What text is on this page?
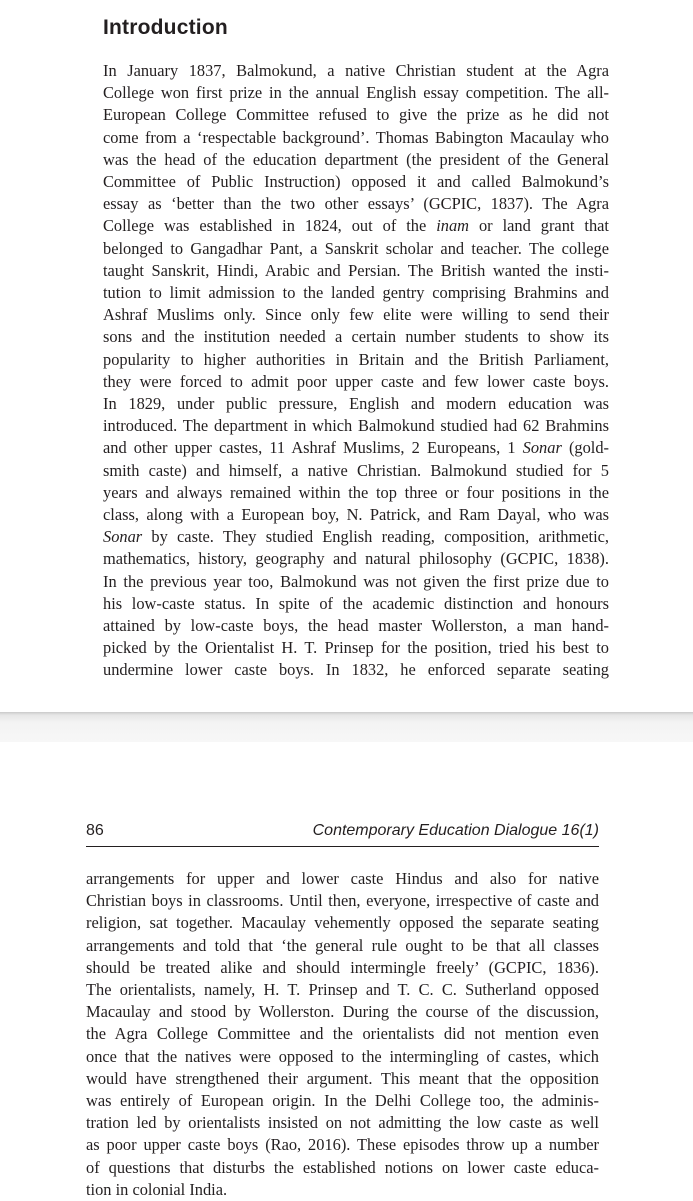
Introduction
In January 1837, Balmokund, a native Christian student at the Agra
College won first prize in the annual English essay competition. The all-
European College Committee refused to give the prize as he did not
come from a ‘respectable background’. Thomas Babington Macaulay who
was the head of the education department (the president of the General
Committee of Public Instruction) opposed it and called Balmokund’s
essay as ‘better than the two other essays’ (GCPIC, 1837). The Agra
College was established in 1824, out of the inam or land grant that
belonged to Gangadhar Pant, a Sanskrit scholar and teacher. The college
taught Sanskrit, Hindi, Arabic and Persian. The British wanted the insti-
tution to limit admission to the landed gentry comprising Brahmins and
Ashraf Muslims only. Since only few elite were willing to send their
sons and the institution needed a certain number students to show its
popularity to higher authorities in Britain and the British Parliament,
they were forced to admit poor upper caste and few lower caste boys.
In 1829, under public pressure, English and modern education was
introduced. The department in which Balmokund studied had 62 Brahmins
and other upper castes, 11 Ashraf Muslims, 2 Europeans, 1 Sonar (gold-
smith caste) and himself, a native Christian. Balmokund studied for 5
years and always remained within the top three or four positions in the
class, along with a European boy, N. Patrick, and Ram Dayal, who was
Sonar by caste. They studied English reading, composition, arithmetic,
mathematics, history, geography and natural philosophy (GCPIC, 1838).
In the previous year too, Balmokund was not given the first prize due to
his low-caste status. In spite of the academic distinction and honours
attained by low-caste boys, the head master Wollerston, a man hand-
picked by the Orientalist H. T. Prinsep for the position, tried his best to
undermine lower caste boys. In 1832, he enforced separate seating
86	Contemporary Education Dialogue 16(1)
arrangements for upper and lower caste Hindus and also for native
Christian boys in classrooms. Until then, everyone, irrespective of caste and
religion, sat together. Macaulay vehemently opposed the separate seating
arrangements and told that ‘the general rule ought to be that all classes
should be treated alike and should intermingle freely’ (GCPIC, 1836).
The orientalists, namely, H. T. Prinsep and T. C. C. Sutherland opposed
Macaulay and stood by Wollerston. During the course of the discussion,
the Agra College Committee and the orientalists did not mention even
once that the natives were opposed to the intermingling of castes, which
would have strengthened their argument. This meant that the opposition
was entirely of European origin. In the Delhi College too, the adminis-
tration led by orientalists insisted on not admitting the low caste as well
as poor upper caste boys (Rao, 2016). These episodes throw up a number
of questions that disturbs the established notions on lower caste educa-
tion in colonial India.
